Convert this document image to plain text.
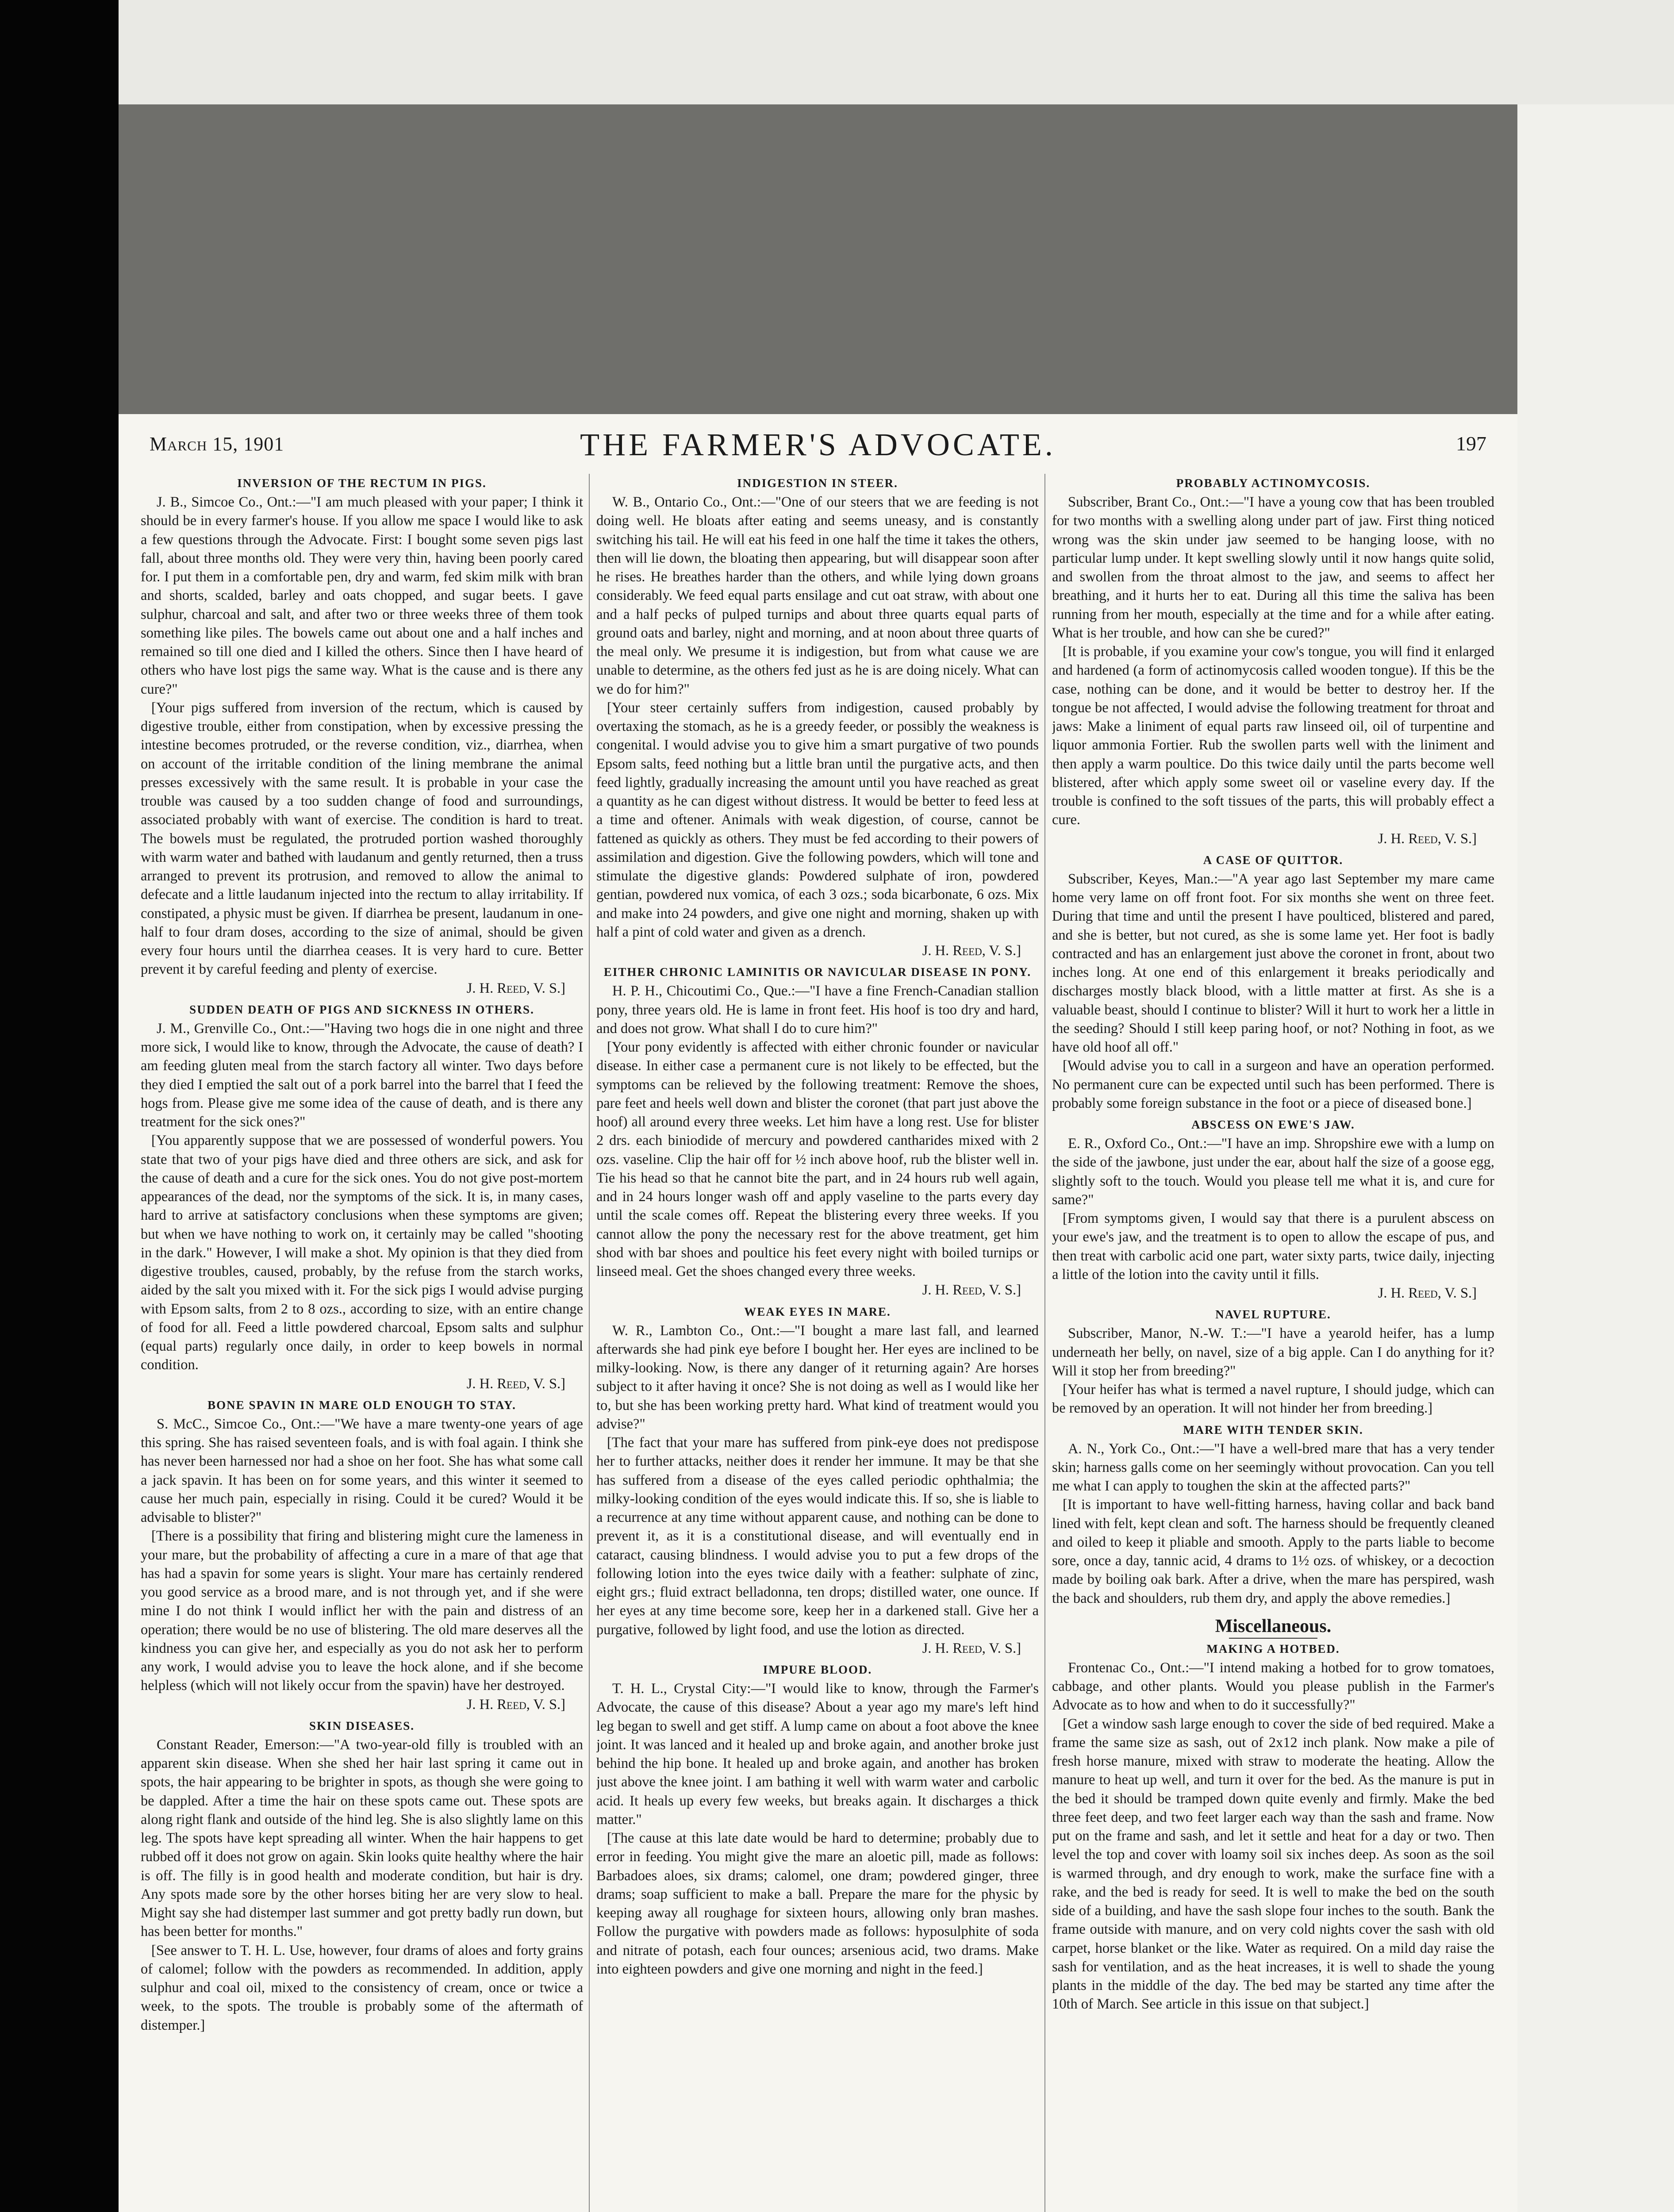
March 15, 1901	THE FARMER'S ADVOCATE.	197
INVERSION OF THE RECTUM IN PIGS.

J. B., Simcoe Co., Ont.:—"I am much pleased with your paper; I think it should be in every farmer's house. If you allow me space I would like to ask a few questions through the Advocate. First: I bought some seven pigs last fall, about three months old. They were very thin, having been poorly cared for. I put them in a comfortable pen, dry and warm, fed skim milk with bran and shorts, scalded, barley and oats chopped, and sugar beets. I gave sulphur, charcoal and salt, and after two or three weeks three of them took something like piles. The bowels came out about one and a half inches and remained so till one died and I killed the others. Since then I have heard of others who have lost pigs the same way. What is the cause and is there any cure?"

[Your pigs suffered from inversion of the rectum, which is caused by digestive trouble, either from constipation, when by excessive pressing the intestine becomes protruded, or the reverse condition, viz., diarrhea, when on account of the irritable condition of the lining membrane the animal presses excessively with the same result. It is probable in your case the trouble was caused by a too sudden change of food and surroundings, associated probably with want of exercise. The condition is hard to treat. The bowels must be regulated, the protruded portion washed thoroughly with warm water and bathed with laudanum and gently returned, then a truss arranged to prevent its protrusion, and removed to allow the animal to defecate and a little laudanum injected into the rectum to allay irritability. If constipated, a physic must be given. If diarrhea be present, laudanum in one-half to four dram doses, according to the size of animal, should be given every four hours until the diarrhea ceases. It is very hard to cure. Better prevent it by careful feeding and plenty of exercise.

J. H. Reed, V. S.]

SUDDEN DEATH OF PIGS AND SICKNESS IN OTHERS.

J. M., Grenville Co., Ont.:—"Having two hogs die in one night and three more sick, I would like to know, through the Advocate, the cause of death? I am feeding gluten meal from the starch factory all winter. Two days before they died I emptied the salt out of a pork barrel into the barrel that I feed the hogs from. Please give me some idea of the cause of death, and is there any treatment for the sick ones?"

[You apparently suppose that we are possessed of wonderful powers. You state that two of your pigs have died and three others are sick, and ask for the cause of death and a cure for the sick ones. You do not give post-mortem appearances of the dead, nor the symptoms of the sick. It is, in many cases, hard to arrive at satisfactory conclusions when these symptoms are given; but when we have nothing to work on, it certainly may be called "shooting in the dark." However, I will make a shot. My opinion is that they died from digestive troubles, caused, probably, by the refuse from the starch works, aided by the salt you mixed with it. For the sick pigs I would advise purging with Epsom salts, from 2 to 8 ozs., according to size, with an entire change of food for all. Feed a little powdered charcoal, Epsom salts and sulphur (equal parts) regularly once daily, in order to keep bowels in normal condition.

J. H. Reed, V. S.]

BONE SPAVIN IN MARE OLD ENOUGH TO STAY.

S. McC., Simcoe Co., Ont.:—"We have a mare twenty-one years of age this spring. She has raised seventeen foals, and is with foal again. I think she has never been harnessed nor had a shoe on her foot. She has what some call a jack spavin. It has been on for some years, and this winter it seemed to cause her much pain, especially in rising. Could it be cured? Would it be advisable to blister?"

[There is a possibility that firing and blistering might cure the lameness in your mare, but the probability of affecting a cure in a mare of that age that has had a spavin for some years is slight. Your mare has certainly rendered you good service as a brood mare, and is not through yet, and if she were mine I do not think I would inflict her with the pain and distress of an operation; there would be no use of blistering. The old mare deserves all the kindness you can give her, and especially as you do not ask her to perform any work, I would advise you to leave the hock alone, and if she become helpless (which will not likely occur from the spavin) have her destroyed.

J. H. Reed, V. S.]

SKIN DISEASES.

Constant Reader, Emerson:—"A two-year-old filly is troubled with an apparent skin disease. When she shed her hair last spring it came out in spots, the hair appearing to be brighter in spots, as though she were going to be dappled. After a time the hair on these spots came out. These spots are along right flank and outside of the hind leg. She is also slightly lame on this leg. The spots have kept spreading all winter. When the hair happens to get rubbed off it does not grow on again. Skin looks quite healthy where the hair is off. The filly is in good health and moderate condition, but hair is dry. Any spots made sore by the other horses biting her are very slow to heal. Might say she had distemper last summer and got pretty badly run down, but has been better for months."

[See answer to T. H. L. Use, however, four drams of aloes and forty grains of calomel; follow with the powders as recommended. In addition, apply sulphur and coal oil, mixed to the consistency of cream, once or twice a week, to the spots. The trouble is probably some of the aftermath of distemper.]

INDIGESTION IN STEER.

W. B., Ontario Co., Ont.:—"One of our steers that we are feeding is not doing well. He bloats after eating and seems uneasy, and is constantly switching his tail. He will eat his feed in one half the time it takes the others, then will lie down, the bloating then appearing, but will disappear soon after he rises. He breathes harder than the others, and while lying down groans considerably. We feed equal parts ensilage and cut oat straw, with about one and a half pecks of pulped turnips and about three quarts equal parts of ground oats and barley, night and morning, and at noon about three quarts of the meal only. We presume it is indigestion, but from what cause we are unable to determine, as the others fed just as he is are doing nicely. What can we do for him?"

[Your steer certainly suffers from indigestion, caused probably by overtaxing the stomach, as he is a greedy feeder, or possibly the weakness is congenital. I would advise you to give him a smart purgative of two pounds Epsom salts, feed nothing but a little bran until the purgative acts, and then feed lightly, gradually increasing the amount until you have reached as great a quantity as he can digest without distress. It would be better to feed less at a time and oftener. Animals with weak digestion, of course, cannot be fattened as quickly as others. They must be fed according to their powers of assimilation and digestion. Give the following powders, which will tone and stimulate the digestive glands: Powdered sulphate of iron, powdered gentian, powdered nux vomica, of each 3 ozs.; soda bicarbonate, 6 ozs. Mix and make into 24 powders, and give one night and morning, shaken up with half a pint of cold water and given as a drench.

J. H. Reed, V. S.]

EITHER CHRONIC LAMINITIS OR NAVICULAR DISEASE IN PONY.

H. P. H., Chicoutimi Co., Que.:—"I have a fine French-Canadian stallion pony, three years old. He is lame in front feet. His hoof is too dry and hard, and does not grow. What shall I do to cure him?"

[Your pony evidently is affected with either chronic founder or navicular disease. In either case a permanent cure is not likely to be effected, but the symptoms can be relieved by the following treatment: Remove the shoes, pare feet and heels well down and blister the coronet (that part just above the hoof) all around every three weeks. Let him have a long rest. Use for blister 2 drs. each biniodide of mercury and powdered cantharides mixed with 2 ozs. vaseline. Clip the hair off for ½ inch above hoof, rub the blister well in. Tie his head so that he cannot bite the part, and in 24 hours rub well again, and in 24 hours longer wash off and apply vaseline to the parts every day until the scale comes off. Repeat the blistering every three weeks. If you cannot allow the pony the necessary rest for the above treatment, get him shod with bar shoes and poultice his feet every night with boiled turnips or linseed meal. Get the shoes changed every three weeks.

J. H. Reed, V. S.]

WEAK EYES IN MARE.

W. R., Lambton Co., Ont.:—"I bought a mare last fall, and learned afterwards she had pink eye before I bought her. Her eyes are inclined to be milky-looking. Now, is there any danger of it returning again? Are horses subject to it after having it once? She is not doing as well as I would like her to, but she has been working pretty hard. What kind of treatment would you advise?"

[The fact that your mare has suffered from pink-eye does not predispose her to further attacks, neither does it render her immune. It may be that she has suffered from a disease of the eyes called periodic ophthalmia; the milky-looking condition of the eyes would indicate this. If so, she is liable to a recurrence at any time without apparent cause, and nothing can be done to prevent it, as it is a constitutional disease, and will eventually end in cataract, causing blindness. I would advise you to put a few drops of the following lotion into the eyes twice daily with a feather: sulphate of zinc, eight grs.; fluid extract belladonna, ten drops; distilled water, one ounce. If her eyes at any time become sore, keep her in a darkened stall. Give her a purgative, followed by light food, and use the lotion as directed.

J. H. Reed, V. S.]

IMPURE BLOOD.

T. H. L., Crystal City:—"I would like to know, through the Farmer's Advocate, the cause of this disease? About a year ago my mare's left hind leg began to swell and get stiff. A lump came on about a foot above the knee joint. It was lanced and it healed up and broke again, and another broke just behind the hip bone. It healed up and broke again, and another has broken just above the knee joint. I am bathing it well with warm water and carbolic acid. It heals up every few weeks, but breaks again. It discharges a thick matter."

[The cause at this late date would be hard to determine; probably due to error in feeding. You might give the mare an aloetic pill, made as follows: Barbadoes aloes, six drams; calomel, one dram; powdered ginger, three drams; soap sufficient to make a ball. Prepare the mare for the physic by keeping away all roughage for sixteen hours, allowing only bran mashes. Follow the purgative with powders made as follows: hyposulphite of soda and nitrate of potash, each four ounces; arsenious acid, two drams. Make into eighteen powders and give one morning and night in the feed.]

PROBABLY ACTINOMYCOSIS.

Subscriber, Brant Co., Ont.:—"I have a young cow that has been troubled for two months with a swelling along under part of jaw. First thing noticed wrong was the skin under jaw seemed to be hanging loose, with no particular lump under. It kept swelling slowly until it now hangs quite solid, and swollen from the throat almost to the jaw, and seems to affect her breathing, and it hurts her to eat. During all this time the saliva has been running from her mouth, especially at the time and for a while after eating. What is her trouble, and how can she be cured?"

[It is probable, if you examine your cow's tongue, you will find it enlarged and hardened (a form of actinomycosis called wooden tongue). If this be the case, nothing can be done, and it would be better to destroy her. If the tongue be not affected, I would advise the following treatment for throat and jaws: Make a liniment of equal parts raw linseed oil, oil of turpentine and liquor ammonia Fortier. Rub the swollen parts well with the liniment and then apply a warm poultice. Do this twice daily until the parts become well blistered, after which apply some sweet oil or vaseline every day. If the trouble is confined to the soft tissues of the parts, this will probably effect a cure.

J. H. Reed, V. S.]

A CASE OF QUITTOR.

Subscriber, Keyes, Man.:—"A year ago last September my mare came home very lame on off front foot. For six months she went on three feet. During that time and until the present I have poulticed, blistered and pared, and she is better, but not cured, as she is some lame yet. Her foot is badly contracted and has an enlargement just above the coronet in front, about two inches long. At one end of this enlargement it breaks periodically and discharges mostly black blood, with a little matter at first. As she is a valuable beast, should I continue to blister? Will it hurt to work her a little in the seeding? Should I still keep paring hoof, or not? Nothing in foot, as we have old hoof all off."

[Would advise you to call in a surgeon and have an operation performed. No permanent cure can be expected until such has been performed. There is probably some foreign substance in the foot or a piece of diseased bone.]

ABSCESS ON EWE'S JAW.

E. R., Oxford Co., Ont.:—"I have an imp. Shropshire ewe with a lump on the side of the jawbone, just under the ear, about half the size of a goose egg, slightly soft to the touch. Would you please tell me what it is, and cure for same?"

[From symptoms given, I would say that there is a purulent abscess on your ewe's jaw, and the treatment is to open to allow the escape of pus, and then treat with carbolic acid one part, water sixty parts, twice daily, injecting a little of the lotion into the cavity until it fills.

J. H. Reed, V. S.]

NAVEL RUPTURE.

Subscriber, Manor, N.-W. T.:—"I have a yearold heifer, has a lump underneath her belly, on navel, size of a big apple. Can I do anything for it? Will it stop her from breeding?"

[Your heifer has what is termed a navel rupture, I should judge, which can be removed by an operation. It will not hinder her from breeding.]

MARE WITH TENDER SKIN.

A. N., York Co., Ont.:—"I have a well-bred mare that has a very tender skin; harness galls come on her seemingly without provocation. Can you tell me what I can apply to toughen the skin at the affected parts?"

[It is important to have well-fitting harness, having collar and back band lined with felt, kept clean and soft. The harness should be frequently cleaned and oiled to keep it pliable and smooth. Apply to the parts liable to become sore, once a day, tannic acid, 4 drams to 1½ ozs. of whiskey, or a decoction made by boiling oak bark. After a drive, when the mare has perspired, wash the back and shoulders, rub them dry, and apply the above remedies.]

Miscellaneous.
MAKING A HOTBED.

Frontenac Co., Ont.:—"I intend making a hotbed for to grow tomatoes, cabbage, and other plants. Would you please publish in the Farmer's Advocate as to how and when to do it successfully?"

[Get a window sash large enough to cover the side of bed required. Make a frame the same size as sash, out of 2x12 inch plank. Now make a pile of fresh horse manure, mixed with straw to moderate the heating. Allow the manure to heat up well, and turn it over for the bed. As the manure is put in the bed it should be tramped down quite evenly and firmly. Make the bed three feet deep, and two feet larger each way than the sash and frame. Now put on the frame and sash, and let it settle and heat for a day or two. Then level the top and cover with loamy soil six inches deep. As soon as the soil is warmed through, and dry enough to work, make the surface fine with a rake, and the bed is ready for seed. It is well to make the bed on the south side of a building, and have the sash slope four inches to the south. Bank the frame outside with manure, and on very cold nights cover the sash with old carpet, horse blanket or the like. Water as required. On a mild day raise the sash for ventilation, and as the heat increases, it is well to shade the young plants in the middle of the day. The bed may be started any time after the 10th of March. See article in this issue on that subject.]
